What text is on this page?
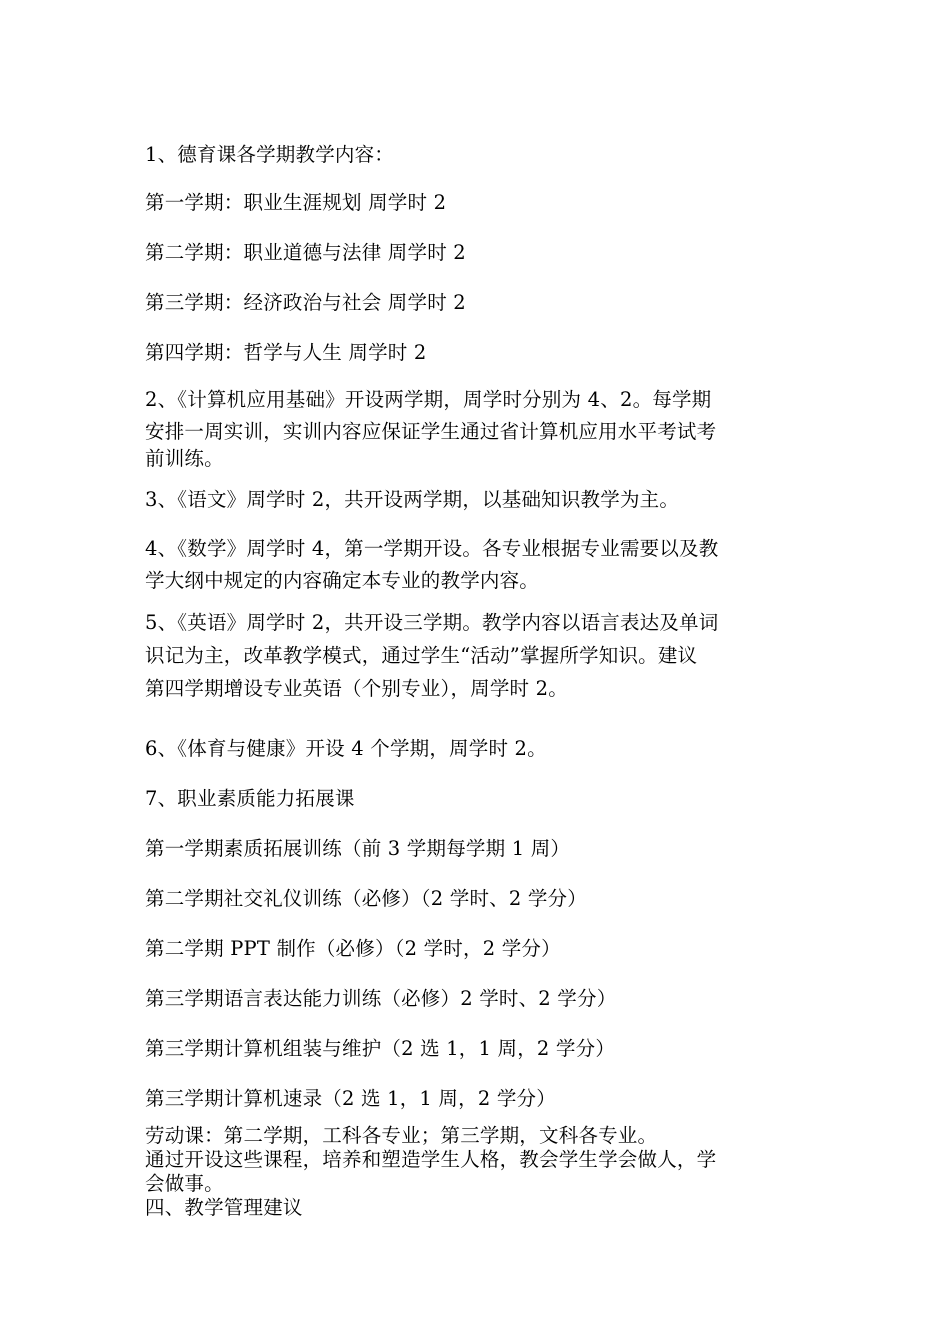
1、德育课各学期教学内容：
第一学期：职业生涯规划 周学时 2
第二学期：职业道德与法律 周学时 2
第三学期：经济政治与社会 周学时 2
第四学期：哲学与人生 周学时 2
2、《计算机应用基础》开设两学期，周学时分别为 4、2。每学期
安排一周实训，实训内容应保证学生通过省计算机应用水平考试考
前训练。
3、《语文》周学时 2，共开设两学期，以基础知识教学为主。
4、《数学》周学时 4，第一学期开设。各专业根据专业需要以及教
学大纲中规定的内容确定本专业的教学内容。
5、《英语》周学时 2，共开设三学期。教学内容以语言表达及单词
识记为主，改革教学模式，通过学生“活动”掌握所学知识。建议
第四学期增设专业英语（个别专业），周学时 2。
6、《体育与健康》开设 4 个学期，周学时 2。
7、职业素质能力拓展课
第一学期素质拓展训练（前 3 学期每学期 1 周）
第二学期社交礼仪训练（必修）（2 学时、2 学分）
第二学期 PPT 制作（必修）（2 学时，2 学分）
第三学期语言表达能力训练（必修）2 学时、2 学分）
第三学期计算机组装与维护（2 选 1，1 周，2 学分）
第三学期计算机速录（2 选 1，1 周，2 学分）
劳动课：第二学期，工科各专业；第三学期，文科各专业。
通过开设这些课程，培养和塑造学生人格，教会学生学会做人，学
会做事。
四、教学管理建议
